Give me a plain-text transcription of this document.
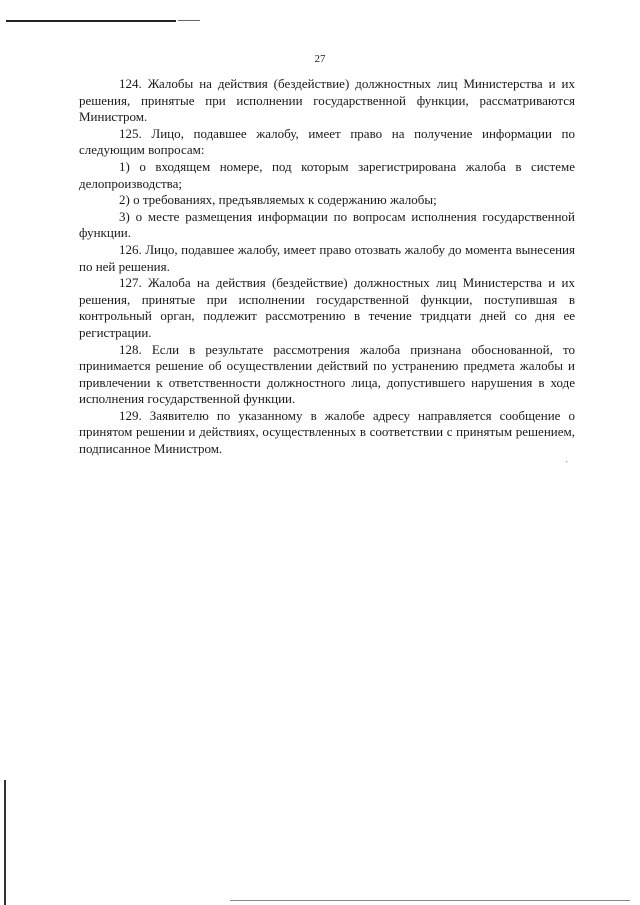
27

124. Жалобы на действия (бездействие) должностных лиц Министерства и их решения, принятые при исполнении государственной функции, рассматриваются Министром.

125. Лицо, подавшее жалобу, имеет право на получение информации по следующим вопросам:

1) о входящем номере, под которым зарегистрирована жалоба в системе делопроизводства;

2) о требованиях, предъявляемых к содержанию жалобы;

3) о месте размещения информации по вопросам исполнения государственной функции.

126. Лицо, подавшее жалобу, имеет право отозвать жалобу до момента вынесения по ней решения.

127. Жалоба на действия (бездействие) должностных лиц Министерства и их решения, принятые при исполнении государственной функции, поступившая в контрольный орган, подлежит рассмотрению в течение тридцати дней со дня ее регистрации.

128. Если в результате рассмотрения жалоба признана обоснованной, то принимается решение об осуществлении действий по устранению предмета жалобы и привлечении к ответственности должностного лица, допустившего нарушения в ходе исполнения государственной функции.

129. Заявителю по указанному в жалобе адресу направляется сообщение о принятом решении и действиях, осуществленных в соответствии с принятым решением, подписанное Министром.

ˏ
